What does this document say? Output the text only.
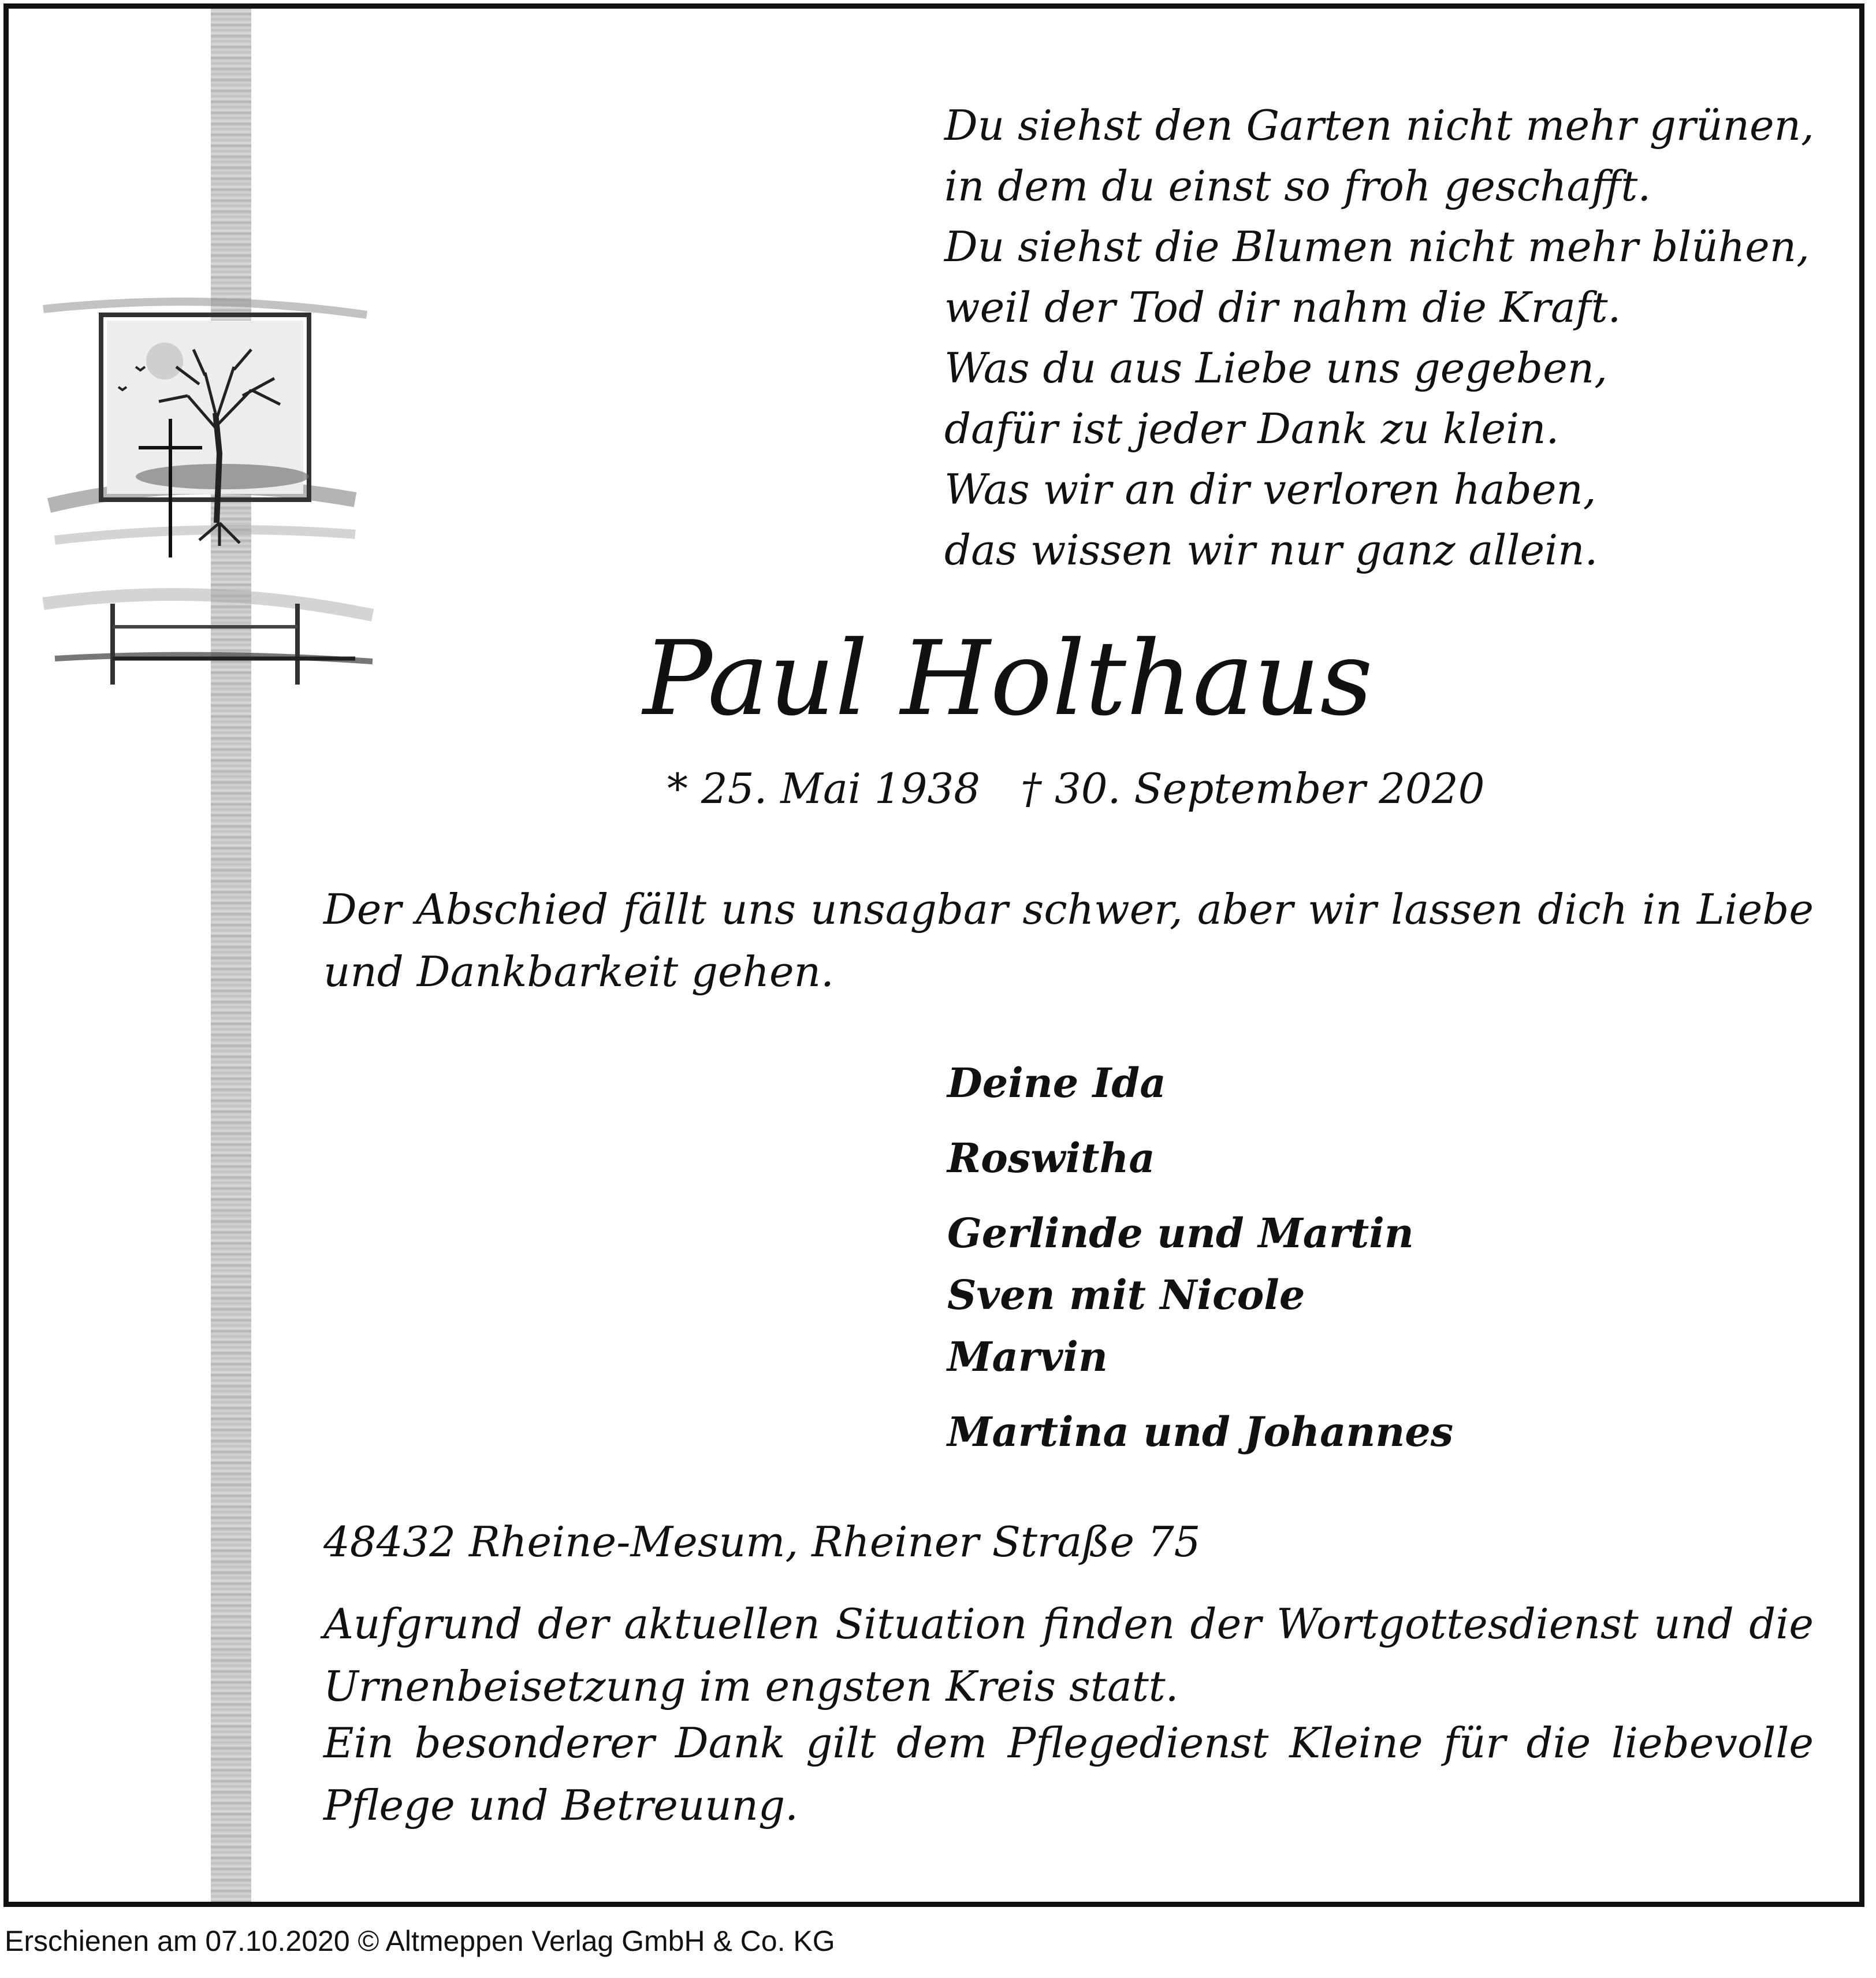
Du siehst den Garten nicht mehr grünen,
in dem du einst so froh geschafft.
Du siehst die Blumen nicht mehr blühen,
weil der Tod dir nahm die Kraft.
Was du aus Liebe uns gegeben,
dafür ist jeder Dank zu klein.
Was wir an dir verloren haben,
das wissen wir nur ganz allein.
Paul Holthaus
* 25. Mai 1938 † 30. September 2020
Der Abschied fällt uns unsagbar schwer, aber wir lassen dich in Liebe und Dankbarkeit gehen.
Deine Ida
Roswitha
Gerlinde und Martin
Sven mit Nicole
Marvin
Martina und Johannes
48432 Rheine-Mesum, Rheiner Straße 75
Aufgrund der aktuellen Situation finden der Wortgottesdienst und die Urnenbeisetzung im engsten Kreis statt.
Ein besonderer Dank gilt dem Pflegedienst Kleine für die liebevolle Pflege und Betreuung.
Erschienen am 07.10.2020 © Altmeppen Verlag GmbH & Co. KG
